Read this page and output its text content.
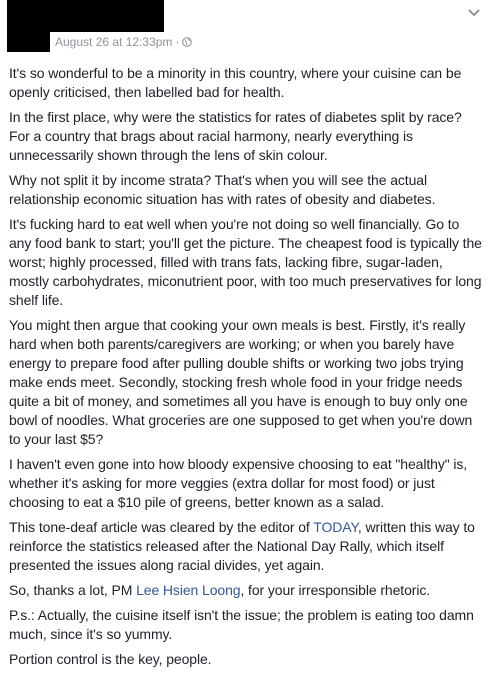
August 26 at 12:33pm ·

It's so wonderful to be a minority in this country, where your cuisine can be openly criticised, then labelled bad for health.

In the first place, why were the statistics for rates of diabetes split by race? For a country that brags about racial harmony, nearly everything is unnecessarily shown through the lens of skin colour.

Why not split it by income strata? That's when you will see the actual relationship economic situation has with rates of obesity and diabetes.

It's fucking hard to eat well when you're not doing so well financially. Go to any food bank to start; you'll get the picture. The cheapest food is typically the worst; highly processed, filled with trans fats, lacking fibre, sugar-laden, mostly carbohydrates, miconutrient poor, with too much preservatives for long shelf life.

You might then argue that cooking your own meals is best. Firstly, it's really hard when both parents/caregivers are working; or when you barely have energy to prepare food after pulling double shifts or working two jobs trying make ends meet. Secondly, stocking fresh whole food in your fridge needs quite a bit of money, and sometimes all you have is enough to buy only one bowl of noodles. What groceries are one supposed to get when you're down to your last $5?

I haven't even gone into how bloody expensive choosing to eat "healthy" is, whether it's asking for more veggies (extra dollar for most food) or just choosing to eat a $10 pile of greens, better known as a salad.

This tone-deaf article was cleared by the editor of TODAY, written this way to reinforce the statistics released after the National Day Rally, which itself presented the issues along racial divides, yet again.

So, thanks a lot, PM Lee Hsien Loong, for your irresponsible rhetoric.

P.s.: Actually, the cuisine itself isn't the issue; the problem is eating too damn much, since it's so yummy.

Portion control is the key, people.
